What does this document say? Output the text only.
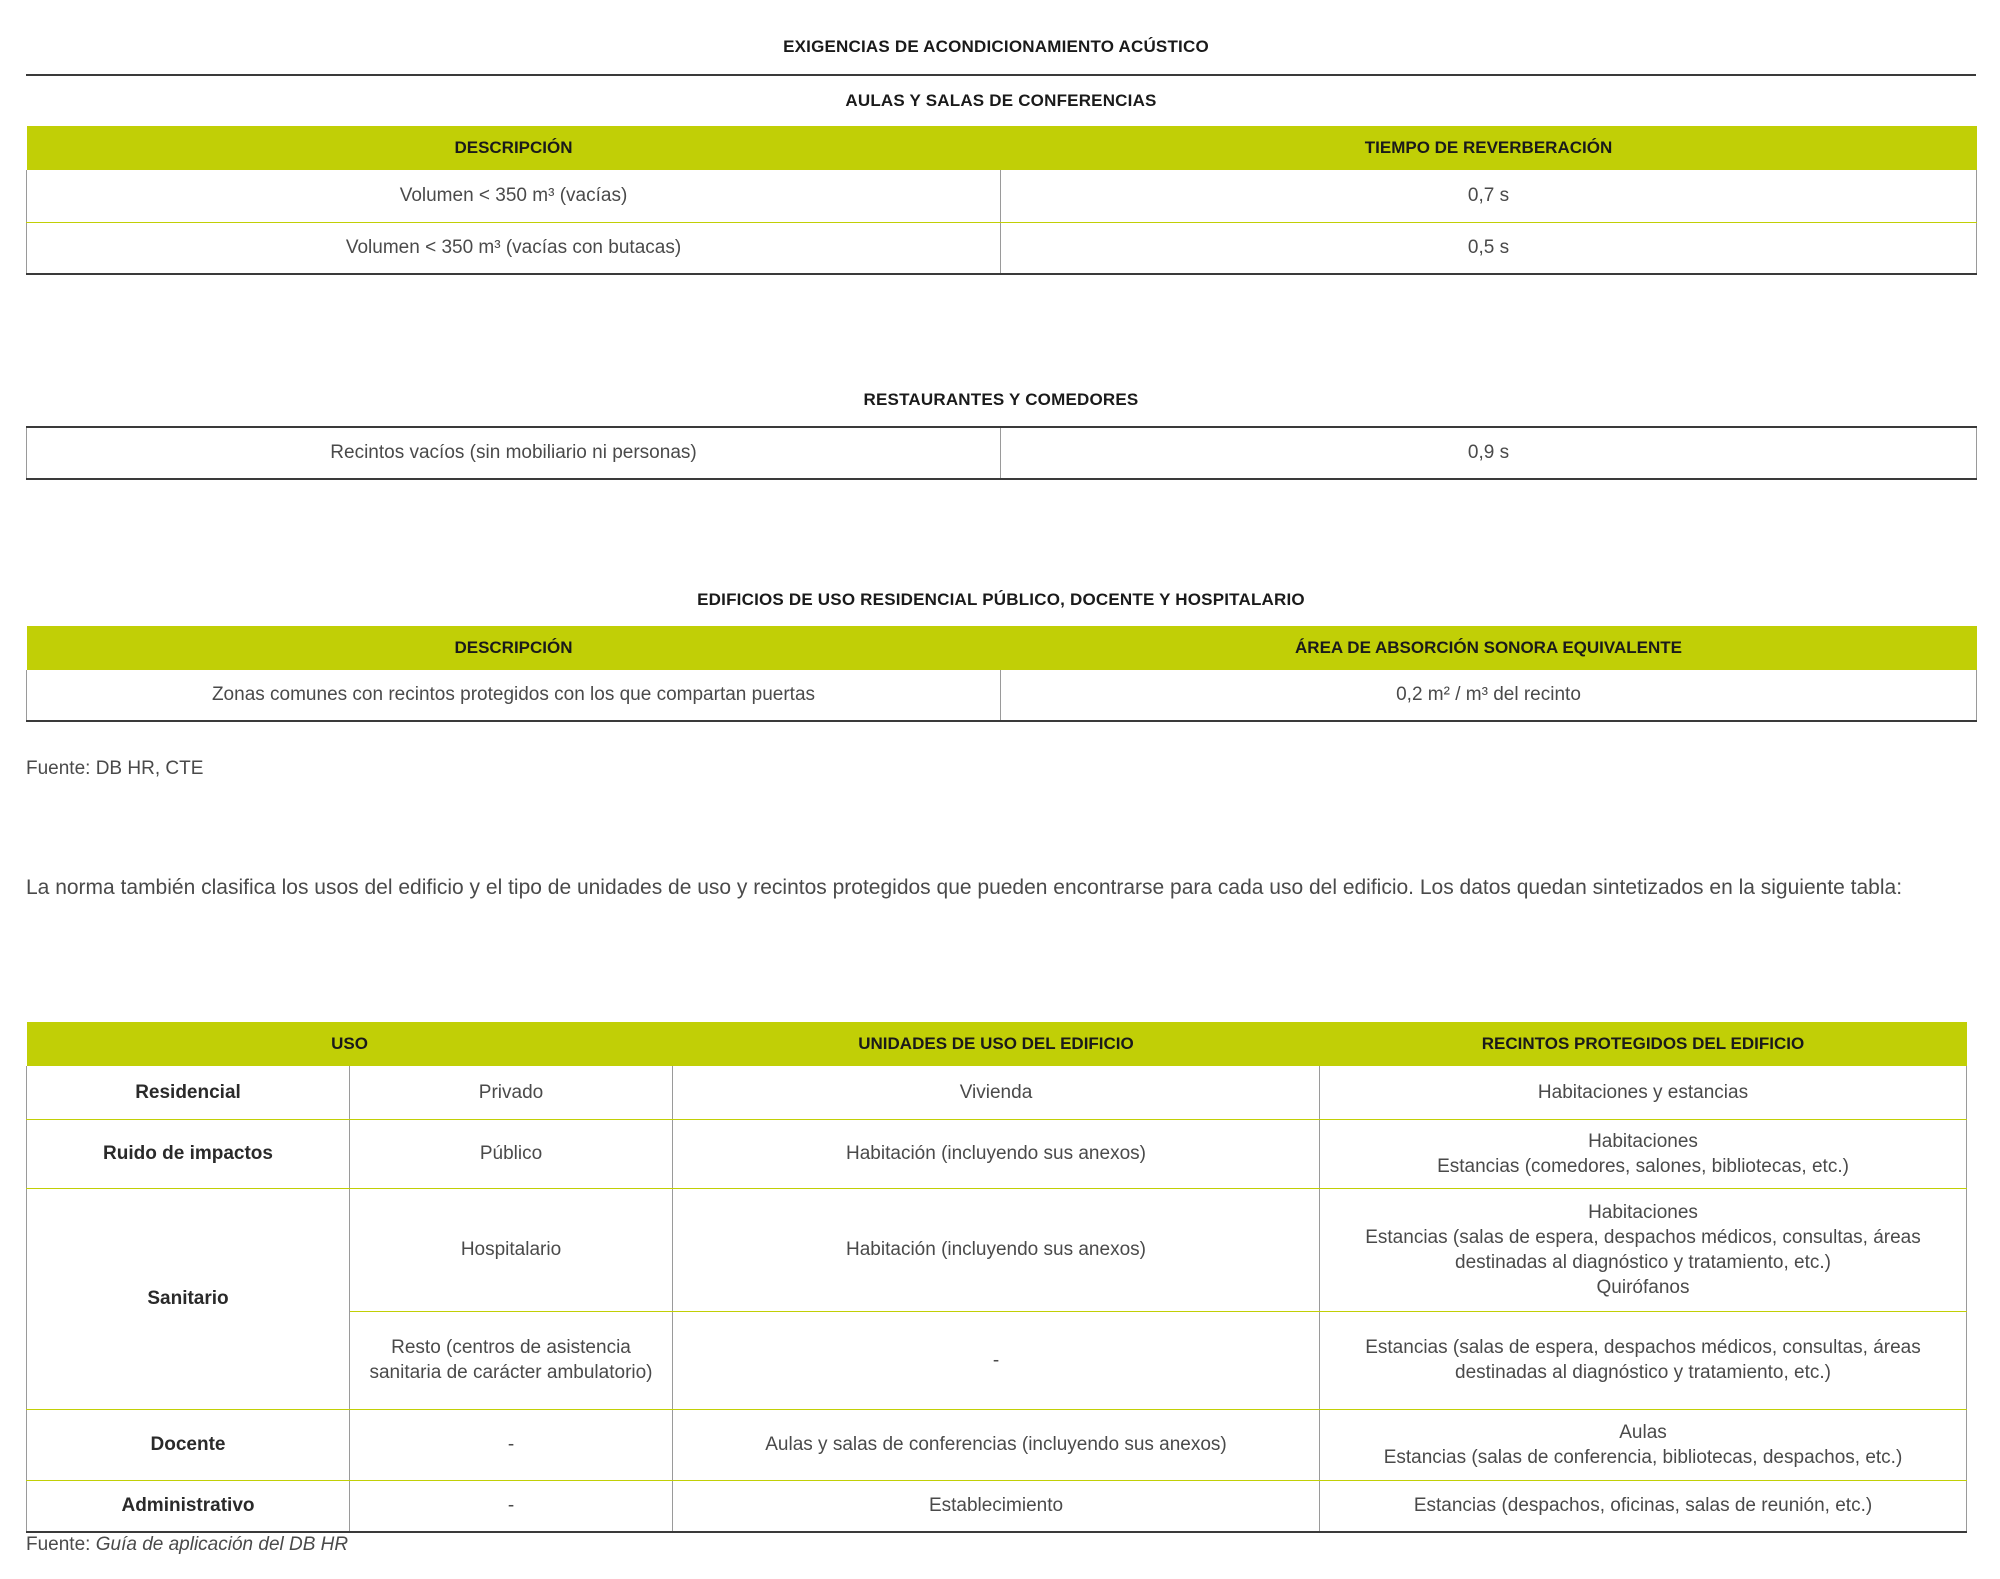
EXIGENCIAS DE ACONDICIONAMIENTO ACÚSTICO
AULAS Y SALAS DE CONFERENCIAS
DESCRIPCIÓN	TIEMPO DE REVERBERACIÓN
Volumen < 350 m³ (vacías)	0,7 s
Volumen < 350 m³ (vacías con butacas)	0,5 s
RESTAURANTES Y COMEDORES
Recintos vacíos (sin mobiliario ni personas)	0,9 s
EDIFICIOS DE USO RESIDENCIAL PÚBLICO, DOCENTE Y HOSPITALARIO
DESCRIPCIÓN	ÁREA DE ABSORCIÓN SONORA EQUIVALENTE
Zonas comunes con recintos protegidos con los que compartan puertas	0,2 m² / m³ del recinto
Fuente: DB HR, CTE
La norma también clasifica los usos del edificio y el tipo de unidades de uso y recintos protegidos que pueden encontrarse para cada uso del edificio. Los datos quedan sintetizados en la siguiente tabla:
USO		UNIDADES DE USO DEL EDIFICIO	RECINTOS PROTEGIDOS DEL EDIFICIO
Residencial	Privado	Vivienda	Habitaciones y estancias
Ruido de impactos	Público	Habitación (incluyendo sus anexos)	Habitaciones
Estancias (comedores, salones, bibliotecas, etc.)

Sanitario	Hospitalario	Habitación (incluyendo sus anexos)	Habitaciones
Estancias (salas de espera, despachos médicos, consultas, áreas
destinadas al diagnóstico y tratamiento, etc.)
Quirófanos

	Resto (centros de asistencia
sanitaria de carácter ambulatorio)	-	Estancias (salas de espera, despachos médicos, consultas, áreas
destinadas al diagnóstico y tratamiento, etc.)

Docente	-	Aulas y salas de conferencias (incluyendo sus anexos)	Aulas
Estancias (salas de conferencia, bibliotecas, despachos, etc.)

Administrativo	-	Establecimiento	Estancias (despachos, oficinas, salas de reunión, etc.)
Fuente: Guía de aplicación del DB HR
